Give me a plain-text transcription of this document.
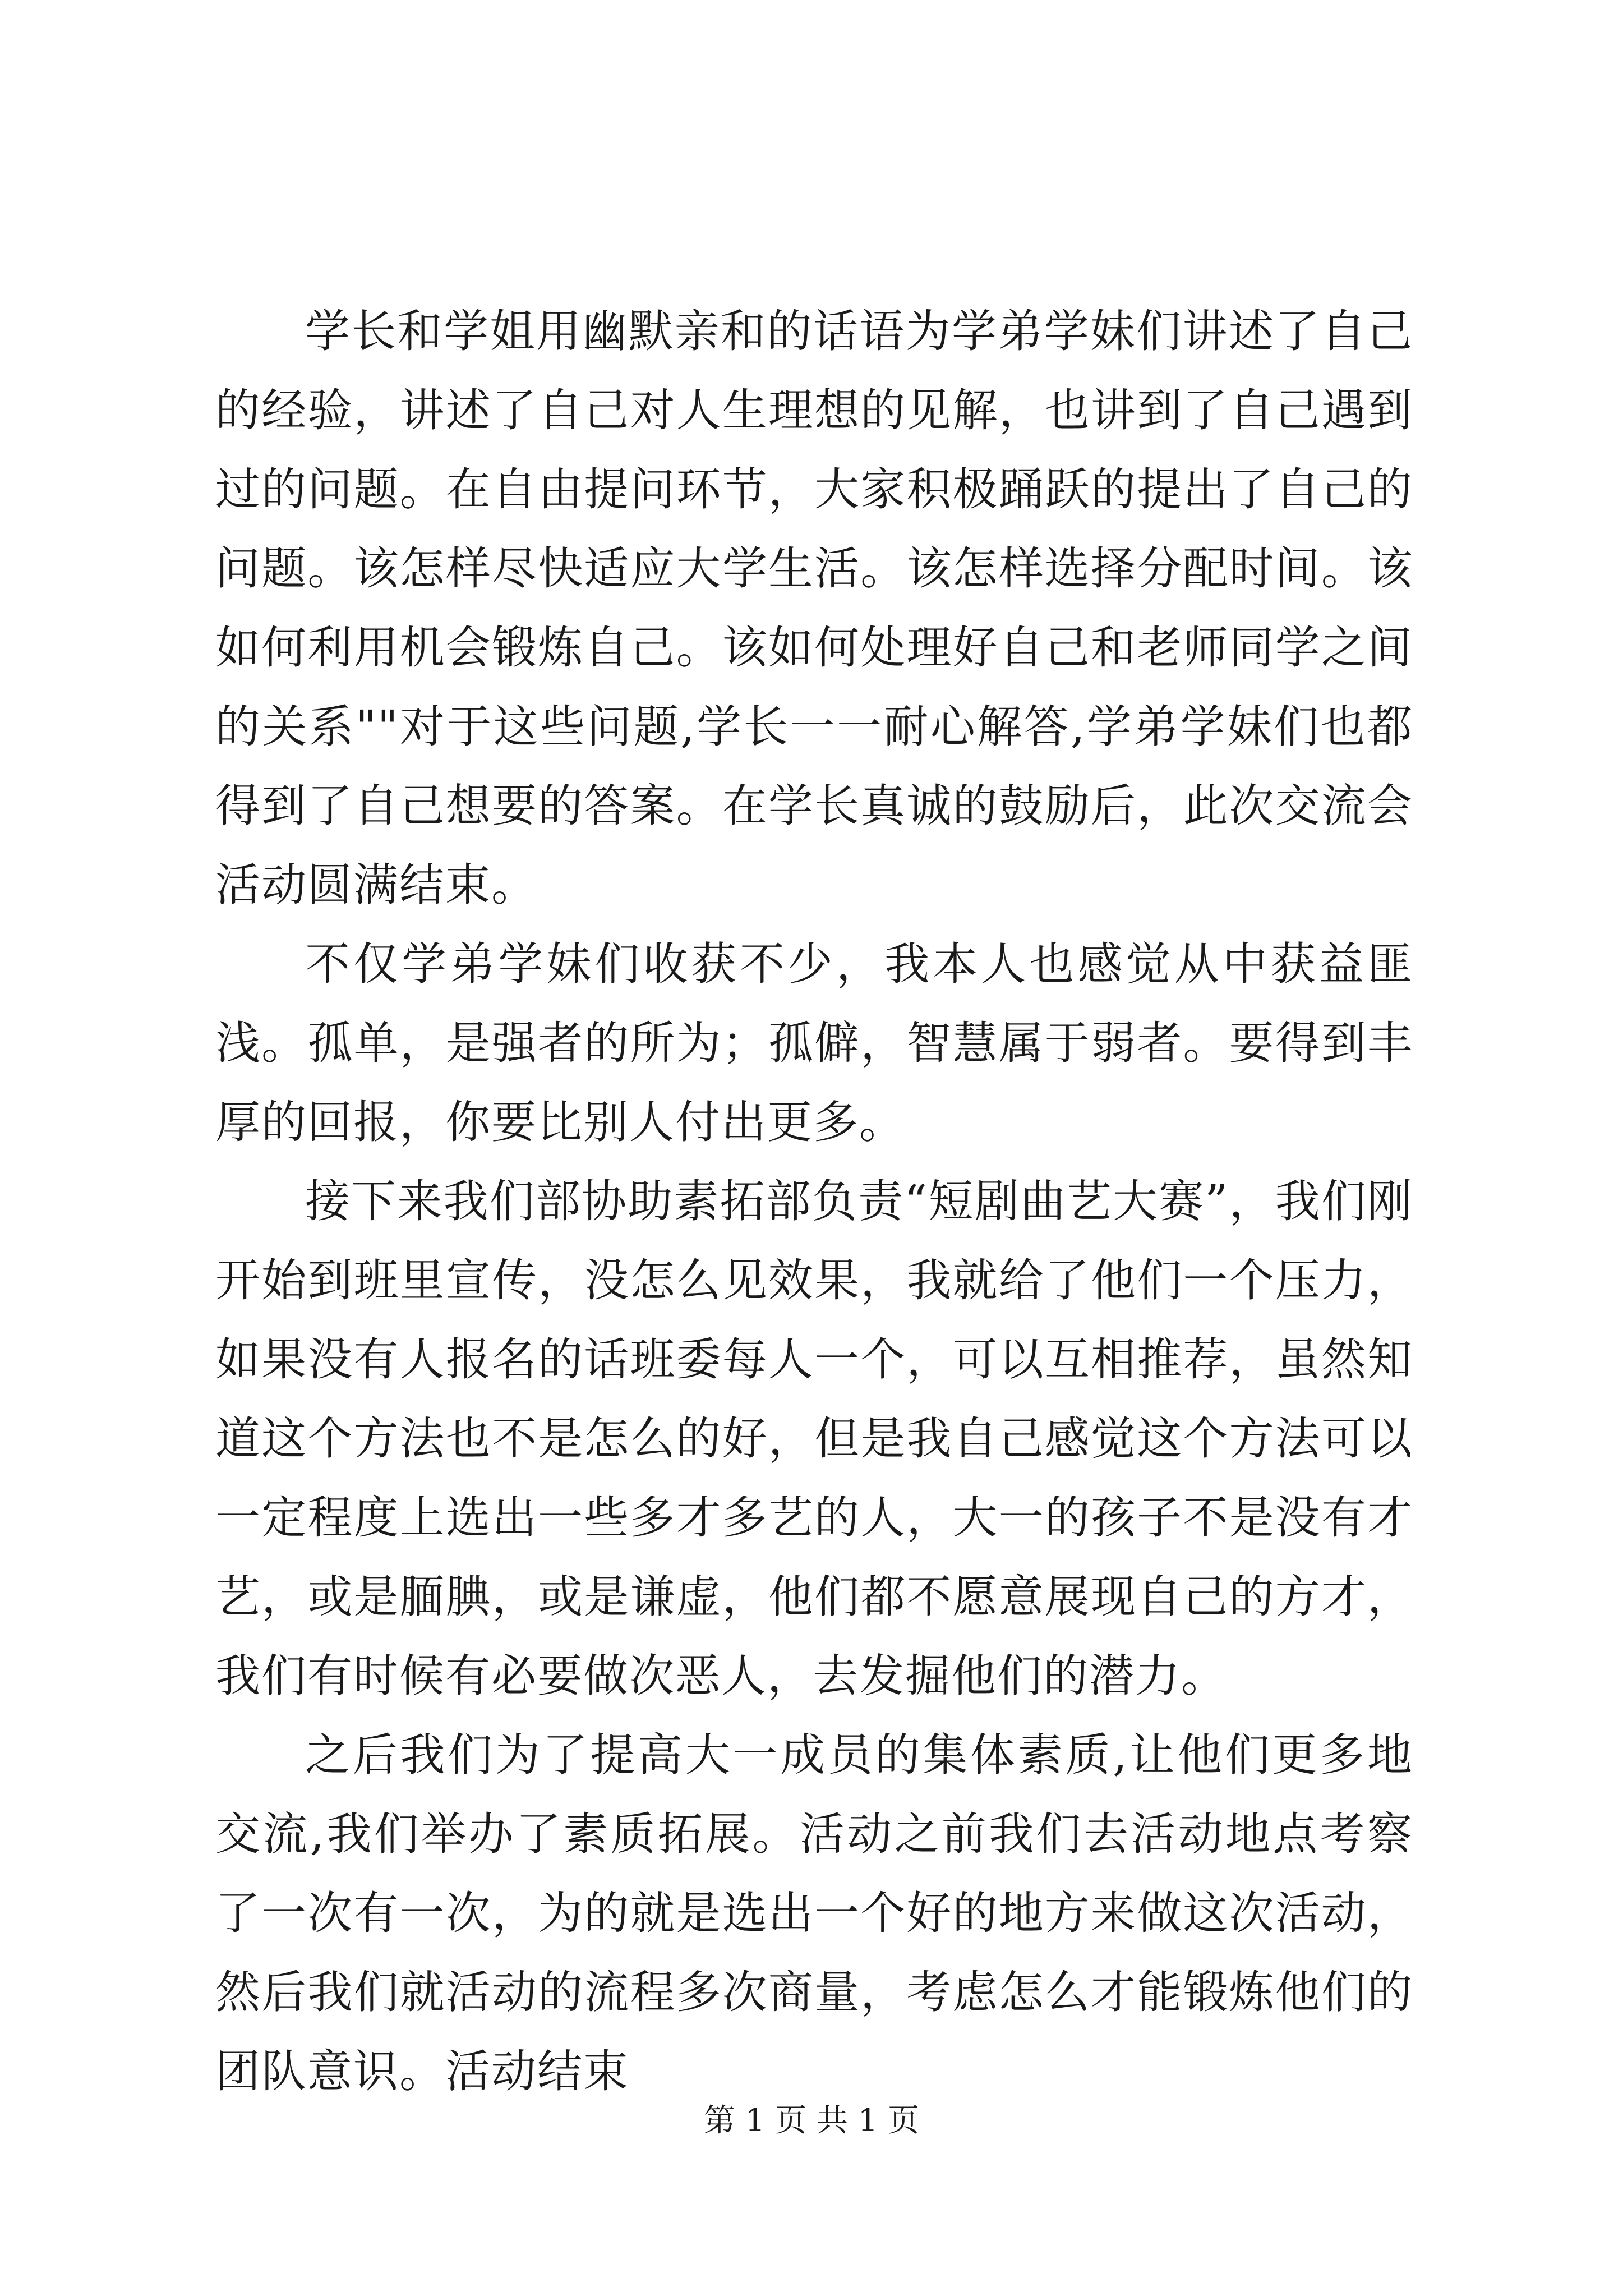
学长和学姐用幽默亲和的话语为学弟学妹们讲述了自己的经验，讲述了自己对人生理想的见解，也讲到了自己遇到过的问题。在自由提问环节，大家积极踊跃的提出了自己的问题。该怎样尽快适应大学生活。该怎样选择分配时间。该如何利用机会锻炼自己。该如何处理好自己和老师同学之间的关系""对于这些问题,学长一一耐心解答,学弟学妹们也都得到了自己想要的答案。在学长真诚的鼓励后，此次交流会活动圆满结束。

不仅学弟学妹们收获不少，我本人也感觉从中获益匪浅。孤单，是强者的所为；孤僻，智慧属于弱者。要得到丰厚的回报，你要比别人付出更多。

接下来我们部协助素拓部负责“短剧曲艺大赛”，我们刚开始到班里宣传，没怎么见效果，我就给了他们一个压力，如果没有人报名的话班委每人一个，可以互相推荐，虽然知道这个方法也不是怎么的好，但是我自己感觉这个方法可以一定程度上选出一些多才多艺的人，大一的孩子不是没有才艺，或是腼腆，或是谦虚，他们都不愿意展现自己的方才，我们有时候有必要做次恶人，去发掘他们的潜力。

之后我们为了提高大一成员的集体素质,让他们更多地交流,我们举办了素质拓展。活动之前我们去活动地点考察了一次有一次，为的就是选出一个好的地方来做这次活动，然后我们就活动的流程多次商量，考虑怎么才能锻炼他们的团队意识。活动结束

第 1 页 共 1 页
